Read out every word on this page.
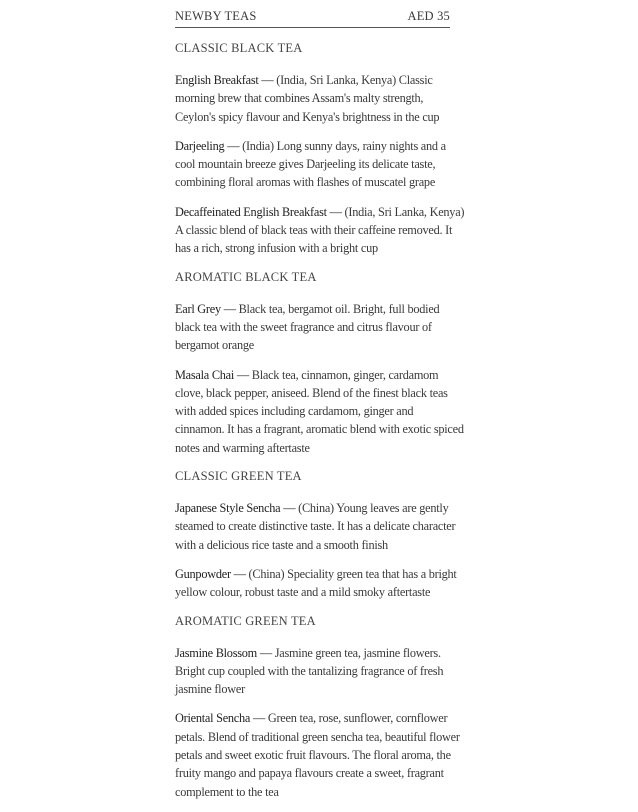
NEWBY TEAS	AED 35
CLASSIC BLACK TEA
English Breakfast — (India, Sri Lanka, Kenya) Classic morning brew that combines Assam's malty strength, Ceylon's spicy flavour and Kenya's brightness in the cup
Darjeeling — (India) Long sunny days, rainy nights and a cool mountain breeze gives Darjeeling its delicate taste, combining floral aromas with flashes of muscatel grape
Decaffeinated English Breakfast — (India, Sri Lanka, Kenya) A classic blend of black teas with their caffeine removed. It has a rich, strong infusion with a bright cup
AROMATIC BLACK TEA
Earl Grey — Black tea, bergamot oil. Bright, full bodied black tea with the sweet fragrance and citrus flavour of bergamot orange
Masala Chai — Black tea, cinnamon, ginger, cardamom clove, black pepper, aniseed. Blend of the finest black teas with added spices including cardamom, ginger and cinnamon. It has a fragrant, aromatic blend with exotic spiced notes and warming aftertaste
CLASSIC GREEN TEA
Japanese Style Sencha — (China) Young leaves are gently steamed to create distinctive taste. It has a delicate character with a delicious rice taste and a smooth finish
Gunpowder — (China) Speciality green tea that has a bright yellow colour, robust taste and a mild smoky aftertaste
AROMATIC GREEN TEA
Jasmine Blossom — Jasmine green tea, jasmine flowers. Bright cup coupled with the tantalizing fragrance of fresh jasmine flower
Oriental Sencha — Green tea, rose, sunflower, cornflower petals. Blend of traditional green sencha tea, beautiful flower petals and sweet exotic fruit flavours. The floral aroma, the fruity mango and papaya flavours create a sweet, fragrant complement to the tea
